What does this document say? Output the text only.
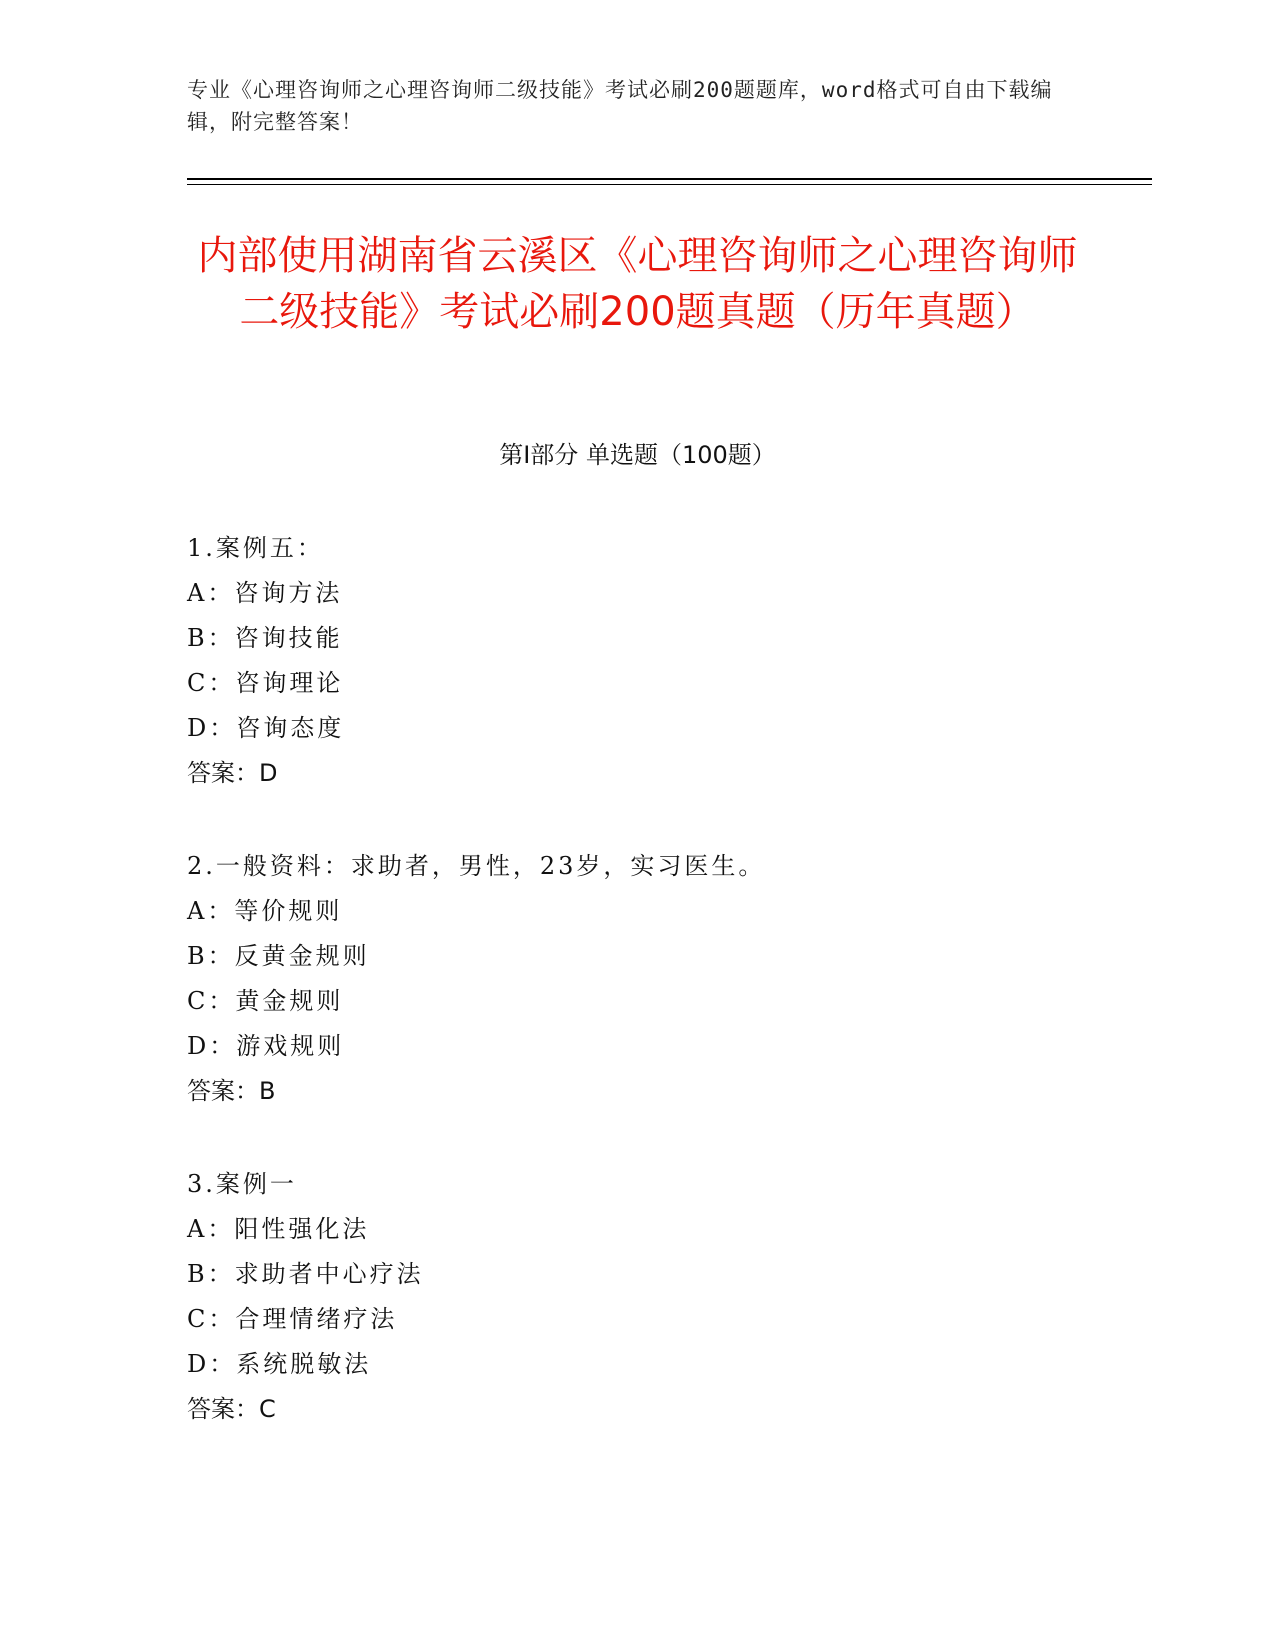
专业《心理咨询师之心理咨询师二级技能》考试必刷200题题库，word格式可自由下载编辑，附完整答案！
内部使用湖南省云溪区《心理咨询师之心理咨询师二级技能》考试必刷200题真题（历年真题）
第Ⅰ部分 单选题（100题）
1.案例五：
A：咨询方法
B：咨询技能
C：咨询理论
D：咨询态度
答案：D
2.一般资料：求助者，男性，23岁，实习医生。
A：等价规则
B：反黄金规则
C：黄金规则
D：游戏规则
答案：B
3.案例一
A：阳性强化法
B：求助者中心疗法
C：合理情绪疗法
D：系统脱敏法
答案：C
